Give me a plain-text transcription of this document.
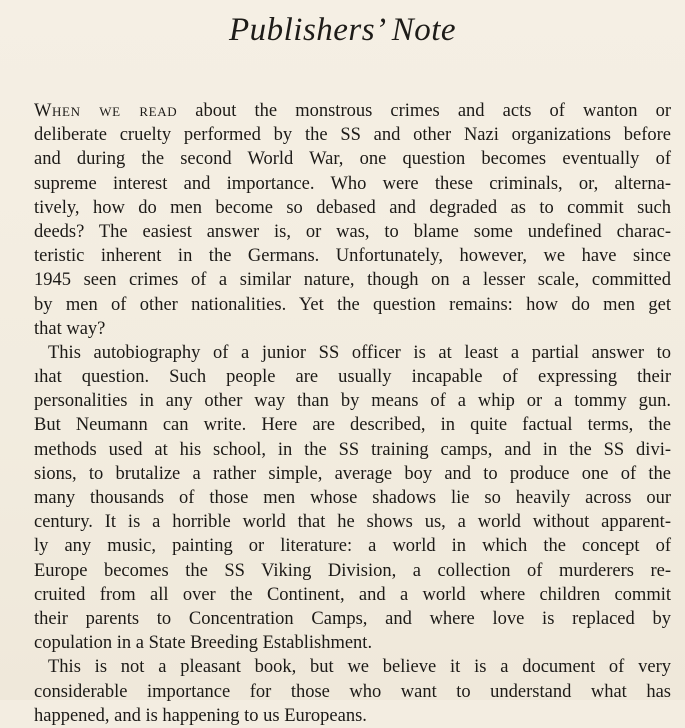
Publishers’ Note
When we read about the monstrous crimes and acts of wanton or
deliberate cruelty performed by the SS and other Nazi organizations before
and during the second World War, one question becomes eventually of
supreme interest and importance. Who were these criminals, or, alterna-
tively, how do men become so debased and degraded as to commit such
deeds? The easiest answer is, or was, to blame some undefined charac-
teristic inherent in the Germans. Unfortunately, however, we have since
1945 seen crimes of a similar nature, though on a lesser scale, committed
by men of other nationalities. Yet the question remains: how do men get
that way?
This autobiography of a junior SS officer is at least a partial answer to
ıhat question. Such people are usually incapable of expressing their
personalities in any other way than by means of a whip or a tommy gun.
But Neumann can write. Here are described, in quite factual terms, the
methods used at his school, in the SS training camps, and in the SS divi-
sions, to brutalize a rather simple, average boy and to produce one of the
many thousands of those men whose shadows lie so heavily across our
century. It is a horrible world that he shows us, a world without apparent-
ly any music, painting or literature: a world in which the concept of
Europe becomes the SS Viking Division, a collection of murderers re-
cruited from all over the Continent, and a world where children commit
their parents to Concentration Camps, and where love is replaced by
copulation in a State Breeding Establishment.
This is not a pleasant book, but we believe it is a document of very
considerable importance for those who want to understand what has
happened, and is happening to us Europeans.
